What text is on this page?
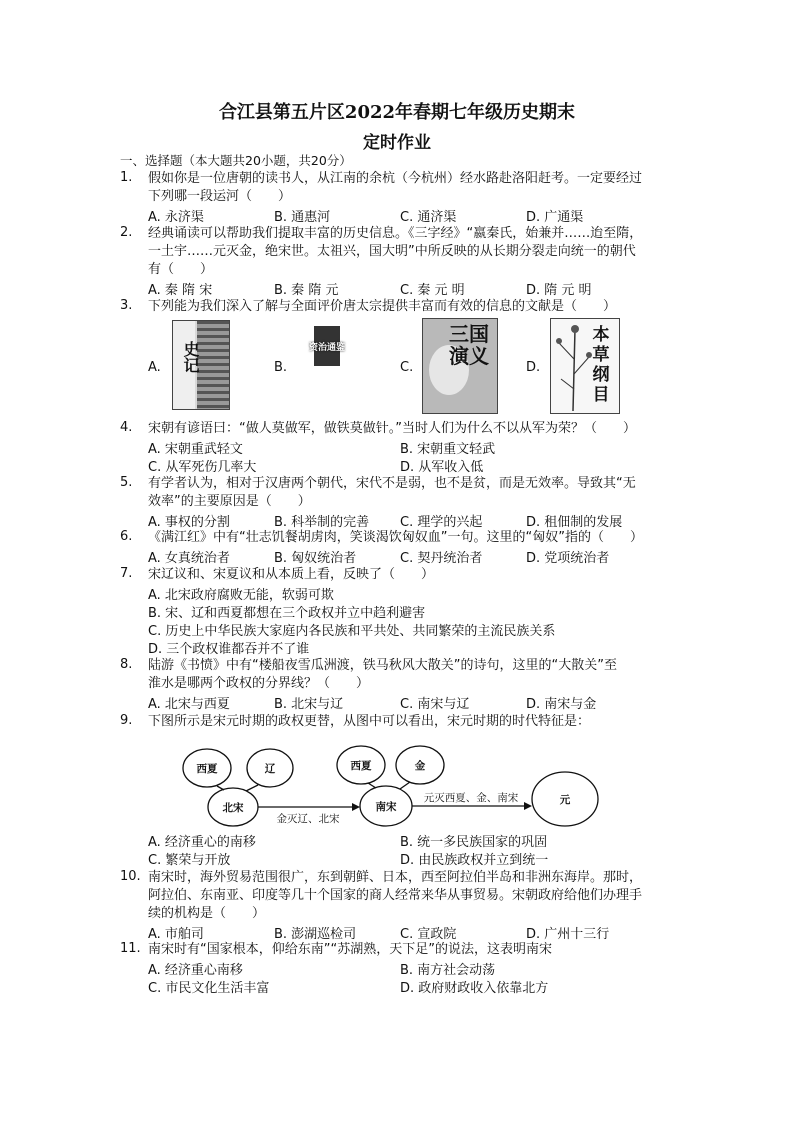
合江县第五片区2022年春期七年级历史期末
定时作业
一、选择题（本大题共20小题，共20分）
1.	假如你是一位唐朝的读书人，从江南的余杭（今杭州）经水路赴洛阳赶考。一定要经过
下列哪一段运河（　　）
A. 永济渠	B. 通惠河	C. 通济渠	D. 广通渠
2.	经典诵读可以帮助我们提取丰富的历史信息。《三字经》“嬴秦氏，始兼并……迨至隋，
一土宇……元灭金，绝宋世。太祖兴，国大明”中所反映的从长期分裂走向统一的朝代
有（　　）
A. 秦 隋 宋	B. 秦 隋 元	C. 秦 元 明	D. 隋 元 明
3.	下列能为我们深入了解与全面评价唐太宗提供丰富而有效的信息的文献是（　　）
A.	史记	B.
资治通鉴
C.
三国演义	D.
本草纲目
4.	宋朝有谚语曰：“做人莫做军，做铁莫做针。”当时人们为什么不以从军为荣？（　　）
A. 宋朝重武轻文	B. 宋朝重文轻武
C. 从军死伤几率大	D. 从军收入低
5.	有学者认为，相对于汉唐两个朝代，宋代不是弱，也不是贫，而是无效率。导致其“无
效率”的主要原因是（　　）
A. 事权的分割	B. 科举制的完善 C. 理学的兴起	D. 租佃制的发展
6.	《满江红》中有“壮志饥餐胡虏肉，笑谈渴饮匈奴血”一句。这里的“匈奴”指的（　　）
A. 女真统治者	B. 匈奴统治者	C. 契丹统治者	D. 党项统治者
7.	宋辽议和、宋夏议和从本质上看，反映了（　　）
A. 北宋政府腐败无能，软弱可欺
B. 宋、辽和西夏都想在三个政权并立中趋利避害
C. 历史上中华民族大家庭内各民族和平共处、共同繁荣的主流民族关系
D. 三个政权谁都吞并不了谁
8.	陆游《书愤》中有“楼船夜雪瓜洲渡，铁马秋风大散关”的诗句，这里的“大散关”至
淮水是哪两个政权的分界线？（　　）
A. 北宋与西夏	B. 北宋与辽	C. 南宋与辽	D. 南宋与金
9.	下图所示是宋元时期的政权更替，从图中可以看出，宋元时期的时代特征是：
西夏	辽	西夏	金
北宋	南宋
元
金灭辽、北宋
元灭西夏、金、南宋
A. 经济重心的南移	B. 统一多民族国家的巩固
C. 繁荣与开放	D. 由民族政权并立到统一
10. 南宋时，海外贸易范围很广，东到朝鲜、日本，西至阿拉伯半岛和非洲东海岸。那时，
阿拉伯、东南亚、印度等几十个国家的商人经常来华从事贸易。宋朝政府给他们办理手
续的机构是（　　）
A. 市舶司	B. 澎湖巡检司	C. 宣政院	D. 广州十三行
11. 南宋时有“国家根本，仰给东南”“苏湖熟，天下足”的说法，这表明南宋
A. 经济重心南移	B. 南方社会动荡
C. 市民文化生活丰富	D. 政府财政收入依靠北方
